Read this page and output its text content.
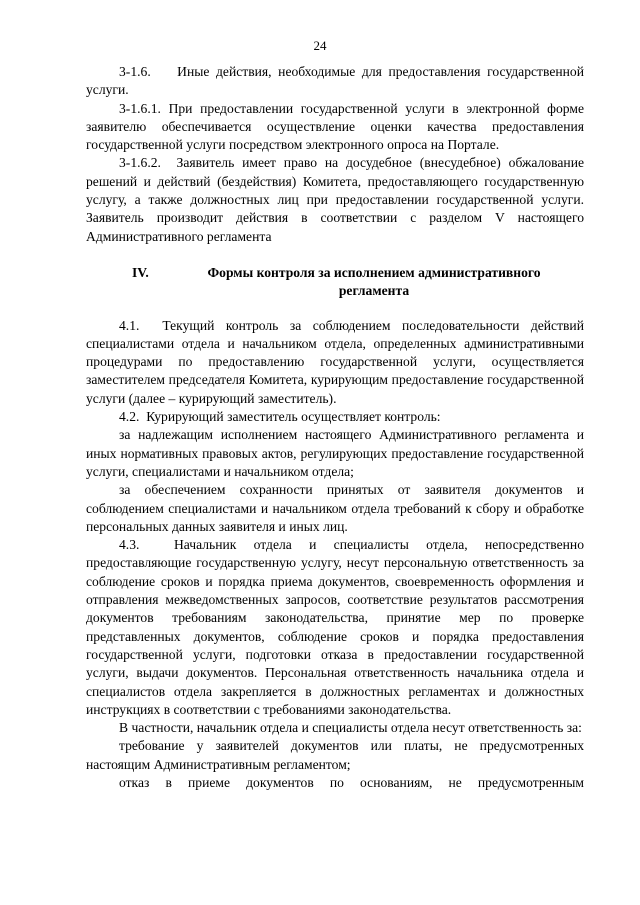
24

3-1.6.    Иные действия, необходимые для предоставления государственной услуги.

3-1.6.1. При предоставлении государственной услуги в электронной форме заявителю обеспечивается осуществление оценки качества предоставления государственной услуги посредством электронного опроса на Портале.

3-1.6.2.  Заявитель имеет право на досудебное (внесудебное) обжалование решений и действий (бездействия) Комитета, предоставляющего государственную услугу, а также должностных лиц при предоставлении государственной услуги. Заявитель производит действия в соответствии с разделом V настоящего Административного регламента

IV.	Формы контроля за исполнением административного регламента

4.1.  Текущий контроль за соблюдением последовательности действий специалистами отдела и начальником отдела, определенных административными процедурами по предоставлению государственной услуги, осуществляется заместителем председателя Комитета, курирующим предоставление государственной услуги (далее – курирующий заместитель).

4.2.  Курирующий заместитель осуществляет контроль:

за надлежащим исполнением настоящего Административного регламента и иных нормативных правовых актов, регулирующих предоставление государственной услуги, специалистами и начальником отдела;

за обеспечением сохранности принятых от заявителя документов и соблюдением специалистами и начальником отдела требований к сбору и обработке персональных данных заявителя и иных лиц.

4.3.  Начальник отдела и специалисты отдела, непосредственно предоставляющие государственную услугу, несут персональную ответственность за соблюдение сроков и порядка приема документов, своевременность оформления и отправления межведомственных запросов, соответствие результатов рассмотрения документов требованиям законодательства, принятие мер по проверке представленных документов, соблюдение сроков и порядка предоставления государственной услуги, подготовки отказа в предоставлении государственной услуги, выдачи документов. Персональная ответственность начальника отдела и специалистов отдела закрепляется в должностных регламентах и должностных инструкциях в соответствии с требованиями законодательства.

В частности, начальник отдела и специалисты отдела несут ответственность за:

требование у заявителей документов или платы, не предусмотренных настоящим Административным регламентом;

отказ в приеме документов по основаниям, не предусмотренным
